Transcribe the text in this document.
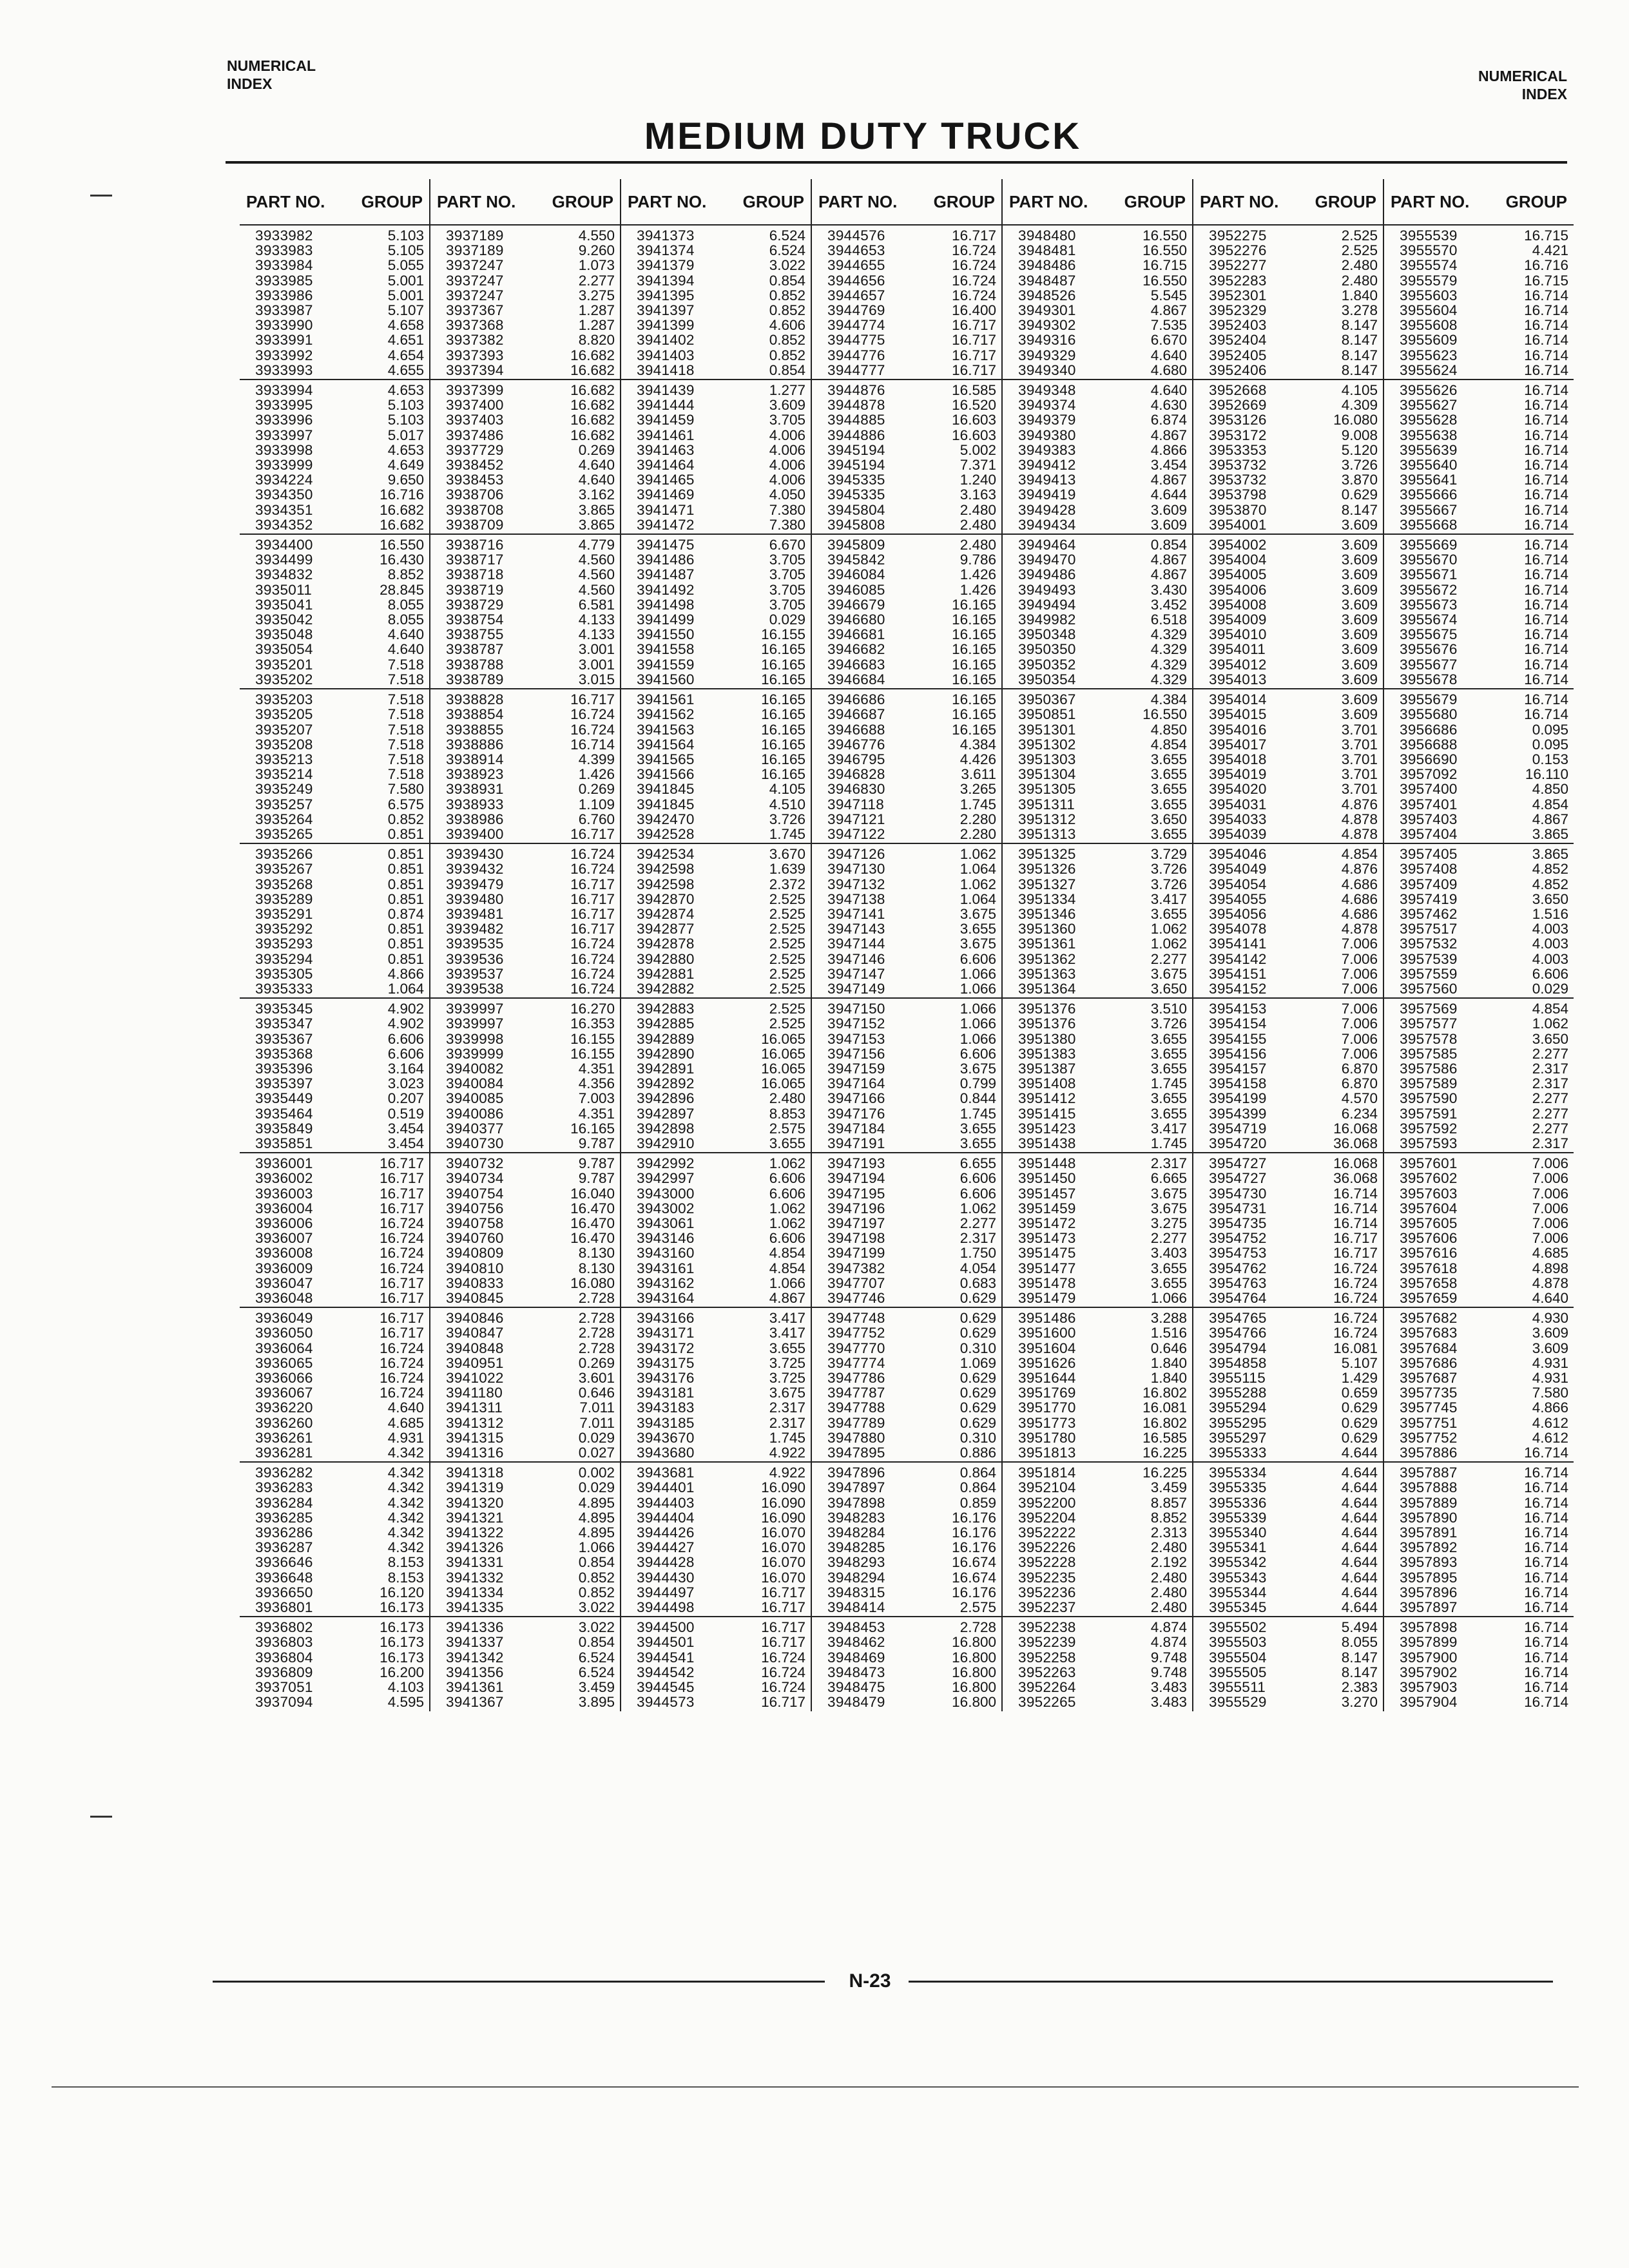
NUMERICAL
INDEX	NUMERICAL
INDEX
MEDIUM DUTY TRUCK
PART NO. GROUP
3933982	5.103
3933983	5.105
3933984	5.055
3933985	5.001
3933986	5.001
3933987	5.107
3933990	4.658
3933991	4.651
3933992	4.654
3933993	4.655
3933994	4.653
3933995	5.103
3933996	5.103
3933997	5.017
3933998	4.653
3933999	4.649
3934224	9.650
3934350	16.716
3934351	16.682
3934352	16.682
3934400	16.550
3934499	16.430
3934832	8.852
3935011	28.845
3935041	8.055
3935042	8.055
3935048	4.640
3935054	4.640
3935201	7.518
3935202	7.518
3935203	7.518
3935205	7.518
3935207	7.518
3935208	7.518
3935213	7.518
3935214	7.518
3935249	7.580
3935257	6.575
3935264	0.852
3935265	0.851
3935266	0.851
3935267	0.851
3935268	0.851
3935289	0.851
3935291	0.874
3935292	0.851
3935293	0.851
3935294	0.851
3935305	4.866
3935333	1.064
3935345	4.902
3935347	4.902
3935367	6.606
3935368	6.606
3935396	3.164
3935397	3.023
3935449	0.207
3935464	0.519
3935849	3.454
3935851	3.454
3936001	16.717
3936002	16.717
3936003	16.717
3936004	16.717
3936006	16.724
3936007	16.724
3936008	16.724
3936009	16.724
3936047	16.717
3936048	16.717
3936049	16.717
3936050	16.717
3936064	16.724
3936065	16.724
3936066	16.724
3936067	16.724
3936220	4.640
3936260	4.685
3936261	4.931
3936281	4.342
3936282	4.342
3936283	4.342
3936284	4.342
3936285	4.342
3936286	4.342
3936287	4.342
3936646	8.153
3936648	8.153
3936650	16.120
3936801	16.173
3936802	16.173
3936803	16.173
3936804	16.173
3936809	16.200
3937051	4.103
3937094	4.595
PART NO. GROUP
3937189	4.550
3937189	9.260
3937247	1.073
3937247	2.277
3937247	3.275
3937367	1.287
3937368	1.287
3937382	8.820
3937393	16.682
3937394	16.682
3937399	16.682
3937400	16.682
3937403	16.682
3937486	16.682
3937729	0.269
3938452	4.640
3938453	4.640
3938706	3.162
3938708	3.865
3938709	3.865
3938716	4.779
3938717	4.560
3938718	4.560
3938719	4.560
3938729	6.581
3938754	4.133
3938755	4.133
3938787	3.001
3938788	3.001
3938789	3.015
3938828	16.717
3938854	16.724
3938855	16.724
3938886	16.714
3938914	4.399
3938923	1.426
3938931	0.269
3938933	1.109
3938986	6.760
3939400	16.717
3939430	16.724
3939432	16.724
3939479	16.717
3939480	16.717
3939481	16.717
3939482	16.717
3939535	16.724
3939536	16.724
3939537	16.724
3939538	16.724
3939997	16.270
3939997	16.353
3939998	16.155
3939999	16.155
3940082	4.351
3940084	4.356
3940085	7.003
3940086	4.351
3940377	16.165
3940730	9.787
3940732	9.787
3940734	9.787
3940754	16.040
3940756	16.470
3940758	16.470
3940760	16.470
3940809	8.130
3940810	8.130
3940833	16.080
3940845	2.728
3940846	2.728
3940847	2.728
3940848	2.728
3940951	0.269
3941022	3.601
3941180	0.646
3941311	7.011
3941312	7.011
3941315	0.029
3941316	0.027
3941318	0.002
3941319	0.029
3941320	4.895
3941321	4.895
3941322	4.895
3941326	1.066
3941331	0.854
3941332	0.852
3941334	0.852
3941335	3.022
3941336	3.022
3941337	0.854
3941342	6.524
3941356	6.524
3941361	3.459
3941367	3.895
PART NO. GROUP
3941373	6.524
3941374	6.524
3941379	3.022
3941394	0.854
3941395	0.852
3941397	0.852
3941399	4.606
3941402	0.852
3941403	0.852
3941418	0.854
3941439	1.277
3941444	3.609
3941459	3.705
3941461	4.006
3941463	4.006
3941464	4.006
3941465	4.006
3941469	4.050
3941471	7.380
3941472	7.380
3941475	6.670
3941486	3.705
3941487	3.705
3941492	3.705
3941498	3.705
3941499	0.029
3941550	16.155
3941558	16.165
3941559	16.165
3941560	16.165
3941561	16.165
3941562	16.165
3941563	16.165
3941564	16.165
3941565	16.165
3941566	16.165
3941845	4.105
3941845	4.510
3942470	3.726
3942528	1.745
3942534	3.670
3942598	1.639
3942598	2.372
3942870	2.525
3942874	2.525
3942877	2.525
3942878	2.525
3942880	2.525
3942881	2.525
3942882	2.525
3942883	2.525
3942885	2.525
3942889	16.065
3942890	16.065
3942891	16.065
3942892	16.065
3942896	2.480
3942897	8.853
3942898	2.575
3942910	3.655
3942992	1.062
3942997	6.606
3943000	6.606
3943002	1.062
3943061	1.062
3943146	6.606
3943160	4.854
3943161	4.854
3943162	1.066
3943164	4.867
3943166	3.417
3943171	3.417
3943172	3.655
3943175	3.725
3943176	3.725
3943181	3.675
3943183	2.317
3943185	2.317
3943670	1.745
3943680	4.922
3943681	4.922
3944401	16.090
3944403	16.090
3944404	16.090
3944426	16.070
3944427	16.070
3944428	16.070
3944430	16.070
3944497	16.717
3944498	16.717
3944500	16.717
3944501	16.717
3944541	16.724
3944542	16.724
3944545	16.724
3944573	16.717
PART NO. GROUP
3944576	16.717
3944653	16.724
3944655	16.724
3944656	16.724
3944657	16.724
3944769	16.400
3944774	16.717
3944775	16.717
3944776	16.717
3944777	16.717
3944876	16.585
3944878	16.520
3944885	16.603
3944886	16.603
3945194	5.002
3945194	7.371
3945335	1.240
3945335	3.163
3945804	2.480
3945808	2.480
3945809	2.480
3945842	9.786
3946084	1.426
3946085	1.426
3946679	16.165
3946680	16.165
3946681	16.165
3946682	16.165
3946683	16.165
3946684	16.165
3946686	16.165
3946687	16.165
3946688	16.165
3946776	4.384
3946795	4.426
3946828	3.611
3946830	3.265
3947118	1.745
3947121	2.280
3947122	2.280
3947126	1.062
3947130	1.064
3947132	1.062
3947138	1.064
3947141	3.675
3947143	3.655
3947144	3.675
3947146	6.606
3947147	1.066
3947149	1.066
3947150	1.066
3947152	1.066
3947153	1.066
3947156	6.606
3947159	3.675
3947164	0.799
3947166	0.844
3947176	1.745
3947184	3.655
3947191	3.655
3947193	6.655
3947194	6.606
3947195	6.606
3947196	1.062
3947197	2.277
3947198	2.317
3947199	1.750
3947382	4.054
3947707	0.683
3947746	0.629
3947748	0.629
3947752	0.629
3947770	0.310
3947774	1.069
3947786	0.629
3947787	0.629
3947788	0.629
3947789	0.629
3947880	0.310
3947895	0.886
3947896	0.864
3947897	0.864
3947898	0.859
3948283	16.176
3948284	16.176
3948285	16.176
3948293	16.674
3948294	16.674
3948315	16.176
3948414	2.575
3948453	2.728
3948462	16.800
3948469	16.800
3948473	16.800
3948475	16.800
3948479	16.800
PART NO. GROUP
3948480	16.550
3948481	16.550
3948486	16.715
3948487	16.550
3948526	5.545
3949301	4.867
3949302	7.535
3949316	6.670
3949329	4.640
3949340	4.680
3949348	4.640
3949374	4.630
3949379	6.874
3949380	4.867
3949383	4.866
3949412	3.454
3949413	4.867
3949419	4.644
3949428	3.609
3949434	3.609
3949464	0.854
3949470	4.867
3949486	4.867
3949493	3.430
3949494	3.452
3949982	6.518
3950348	4.329
3950350	4.329
3950352	4.329
3950354	4.329
3950367	4.384
3950851	16.550
3951301	4.850
3951302	4.854
3951303	3.655
3951304	3.655
3951305	3.655
3951311	3.655
3951312	3.650
3951313	3.655
3951325	3.729
3951326	3.726
3951327	3.726
3951334	3.417
3951346	3.655
3951360	1.062
3951361	1.062
3951362	2.277
3951363	3.675
3951364	3.650
3951376	3.510
3951376	3.726
3951380	3.655
3951383	3.655
3951387	3.655
3951408	1.745
3951412	3.655
3951415	3.655
3951423	3.417
3951438	1.745
3951448	2.317
3951450	6.665
3951457	3.675
3951459	3.675
3951472	3.275
3951473	2.277
3951475	3.403
3951477	3.655
3951478	3.655
3951479	1.066
3951486	3.288
3951600	1.516
3951604	0.646
3951626	1.840
3951644	1.840
3951769	16.802
3951770	16.081
3951773	16.802
3951780	16.585
3951813	16.225
3951814	16.225
3952104	3.459
3952200	8.857
3952204	8.852
3952222	2.313
3952226	2.480
3952228	2.192
3952235	2.480
3952236	2.480
3952237	2.480
3952238	4.874
3952239	4.874
3952258	9.748
3952263	9.748
3952264	3.483
3952265	3.483
PART NO. GROUP
3952275	2.525
3952276	2.525
3952277	2.480
3952283	2.480
3952301	1.840
3952329	3.278
3952403	8.147
3952404	8.147
3952405	8.147
3952406	8.147
3952668	4.105
3952669	4.309
3953126	16.080
3953172	9.008
3953353	5.120
3953732	3.726
3953732	3.870
3953798	0.629
3953870	8.147
3954001	3.609
3954002	3.609
3954004	3.609
3954005	3.609
3954006	3.609
3954008	3.609
3954009	3.609
3954010	3.609
3954011	3.609
3954012	3.609
3954013	3.609
3954014	3.609
3954015	3.609
3954016	3.701
3954017	3.701
3954018	3.701
3954019	3.701
3954020	3.701
3954031	4.876
3954033	4.878
3954039	4.878
3954046	4.854
3954049	4.876
3954054	4.686
3954055	4.686
3954056	4.686
3954078	4.878
3954141	7.006
3954142	7.006
3954151	7.006
3954152	7.006
3954153	7.006
3954154	7.006
3954155	7.006
3954156	7.006
3954157	6.870
3954158	6.870
3954199	4.570
3954399	6.234
3954719	16.068
3954720	36.068
3954727	16.068
3954727	36.068
3954730	16.714
3954731	16.714
3954735	16.714
3954752	16.717
3954753	16.717
3954762	16.724
3954763	16.724
3954764	16.724
3954765	16.724
3954766	16.724
3954794	16.081
3954858	5.107
3955115	1.429
3955288	0.659
3955294	0.629
3955295	0.629
3955297	0.629
3955333	4.644
3955334	4.644
3955335	4.644
3955336	4.644
3955339	4.644
3955340	4.644
3955341	4.644
3955342	4.644
3955343	4.644
3955344	4.644
3955345	4.644
3955502	5.494
3955503	8.055
3955504	8.147
3955505	8.147
3955511	2.383
3955529	3.270
PART NO. GROUP
3955539	16.715
3955570	4.421
3955574	16.716
3955579	16.715
3955603	16.714
3955604	16.714
3955608	16.714
3955609	16.714
3955623	16.714
3955624	16.714
3955626	16.714
3955627	16.714
3955628	16.714
3955638	16.714
3955639	16.714
3955640	16.714
3955641	16.714
3955666	16.714
3955667	16.714
3955668	16.714
3955669	16.714
3955670	16.714
3955671	16.714
3955672	16.714
3955673	16.714
3955674	16.714
3955675	16.714
3955676	16.714
3955677	16.714
3955678	16.714
3955679	16.714
3955680	16.714
3956686	0.095
3956688	0.095
3956690	0.153
3957092	16.110
3957400	4.850
3957401	4.854
3957403	4.867
3957404	3.865
3957405	3.865
3957408	4.852
3957409	4.852
3957419	3.650
3957462	1.516
3957517	4.003
3957532	4.003
3957539	4.003
3957559	6.606
3957560	0.029
3957569	4.854
3957577	1.062
3957578	3.650
3957585	2.277
3957586	2.317
3957589	2.317
3957590	2.277
3957591	2.277
3957592	2.277
3957593	2.317
3957601	7.006
3957602	7.006
3957603	7.006
3957604	7.006
3957605	7.006
3957606	7.006
3957616	4.685
3957618	4.898
3957658	4.878
3957659	4.640
3957682	4.930
3957683	3.609
3957684	3.609
3957686	4.931
3957687	4.931
3957735	7.580
3957745	4.866
3957751	4.612
3957752	4.612
3957886	16.714
3957887	16.714
3957888	16.714
3957889	16.714
3957890	16.714
3957891	16.714
3957892	16.714
3957893	16.714
3957895	16.714
3957896	16.714
3957897	16.714
3957898	16.714
3957899	16.714
3957900	16.714
3957902	16.714
3957903	16.714
3957904	16.714
N-23
